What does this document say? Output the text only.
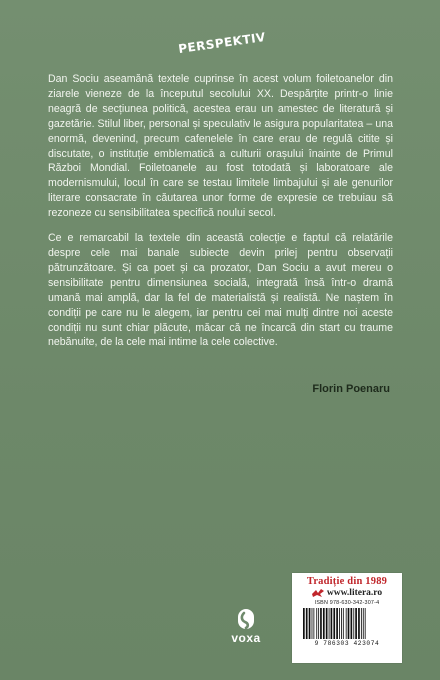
PERSPEKTIV

Dan Sociu aseamănă textele cuprinse în acest volum foiletoanelor din ziarele vieneze de la începutul secolului XX. Despărțite printr-o linie neagră de secțiunea politică, acestea erau un amestec de literatură și gazetărie. Stilul liber, personal și speculativ le asigura popularitatea – una enormă, devenind, precum cafenelele în care erau de regulă citite și discutate, o instituție emblematică a culturii orașului înainte de Primul Război Mondial. Foiletoanele au fost totodată și laboratoare ale modernismului, locul în care se testau limitele limbajului și ale genurilor literare consacrate în căutarea unor forme de expresie ce trebuiau să rezoneze cu sensibilitatea specifică noului secol.

Ce e remarcabil la textele din această colecție e faptul că relatările despre cele mai banale subiecte devin prilej pentru observații pătrunzătoare. Și ca poet și ca prozator, Dan Sociu a avut mereu o sensibilitate pentru dimensiunea socială, integrată însă într-o dramă umană mai amplă, dar la fel de materialistă și realistă. Ne naștem în condiții pe care nu le alegem, iar pentru cei mai mulți dintre noi aceste condiții nu sunt chiar plăcute, măcar că ne încarcă din start cu traume nebănuite, de la cele mai intime la cele colective.

Florin Poenaru
voxa
Tradiție din 1989
www.litera.ro
ISBN 978-630-342-307-4
9 786303 423074
